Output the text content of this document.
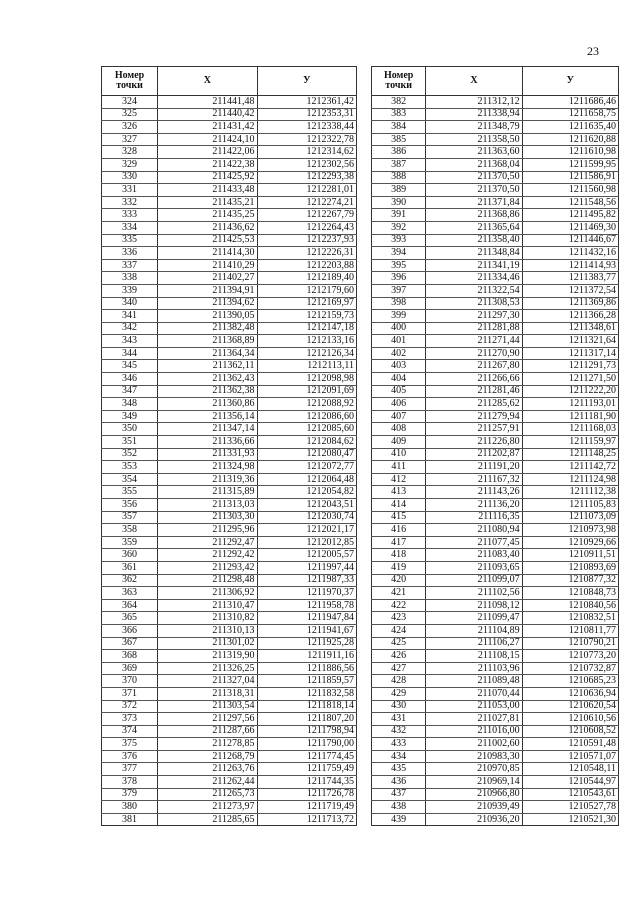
23
Номер точки	X	У
324	211441,48	1212361,42
325	211440,42	1212353,31
326	211431,42	1212338,44
327	211424,10	1212322,78
328	211422,06	1212314,62
329	211422,38	1212302,56
330	211425,92	1212293,38
331	211433,48	1212281,01
332	211435,21	1212274,21
333	211435,25	1212267,79
334	211436,62	1212264,43
335	211425,53	1212237,93
336	211414,30	1212226,31
337	211410,29	1212203,88
338	211402,27	1212189,40
339	211394,91	1212179,60
340	211394,62	1212169,97
341	211390,05	1212159,73
342	211382,48	1212147,18
343	211368,89	1212133,16
344	211364,34	1212126,34
345	211362,11	1212113,11
346	211362,43	1212098,98
347	211362,38	1212091,69
348	211360,86	1212088,92
349	211356,14	1212086,60
350	211347,14	1212085,60
351	211336,66	1212084,62
352	211331,93	1212080,47
353	211324,98	1212072,77
354	211319,36	1212064,48
355	211315,89	1212054,82
356	211313,03	1212043,51
357	211303,30	1212030,74
358	211295,96	1212021,17
359	211292,47	1212012,85
360	211292,42	1212005,57
361	211293,42	1211997,44
362	211298,48	1211987,33
363	211306,92	1211970,37
364	211310,47	1211958,78
365	211310,82	1211947,84
366	211310,13	1211941,67
367	211301,02	1211925,28
368	211319,90	1211911,16
369	211326,25	1211886,56
370	211327,04	1211859,57
371	211318,31	1211832,58
372	211303,54	1211818,14
373	211297,56	1211807,20
374	211287,66	1211798,94
375	211278,85	1211790,00
376	211268,79	1211774,45
377	211263,76	1211759,49
378	211262,44	1211744,35
379	211265,73	1211726,78
380	211273,97	1211719,49
381	211285,65	1211713,72
Номер точки	X	У
382	211312,12	1211686,46
383	211338,94	1211658,75
384	211348,79	1211635,40
385	211358,50	1211620,88
386	211363,60	1211610,98
387	211368,04	1211599,95
388	211370,50	1211586,91
389	211370,50	1211560,98
390	211371,84	1211548,56
391	211368,86	1211495,82
392	211365,64	1211469,30
393	211358,40	1211446,67
394	211348,84	1211432,16
395	211341,19	1211414,93
396	211334,46	1211383,77
397	211322,54	1211372,54
398	211308,53	1211369,86
399	211297,30	1211366,28
400	211281,88	1211348,61
401	211271,44	1211321,64
402	211270,90	1211317,14
403	211267,80	1211291,73
404	211266,66	1211271,50
405	211281,46	1211222,20
406	211285,62	1211193,01
407	211279,94	1211181,90
408	211257,91	1211168,03
409	211226,80	1211159,97
410	211202,87	1211148,25
411	211191,20	1211142,72
412	211167,32	1211124,98
413	211143,26	1211112,38
414	211136,20	1211105,83
415	211116,35	1211073,09
416	211080,94	1210973,98
417	211077,45	1210929,66
418	211083,40	1210911,51
419	211093,65	1210893,69
420	211099,07	1210877,32
421	211102,56	1210848,73
422	211098,12	1210840,56
423	211099,47	1210832,51
424	211104,89	1210811,77
425	211106,27	1210790,21
426	211108,15	1210773,20
427	211103,96	1210732,87
428	211089,48	1210685,23
429	211070,44	1210636,94
430	211053,00	1210620,54
431	211027,81	1210610,56
432	211016,00	1210608,52
433	211002,60	1210591,48
434	210983,30	1210571,07
435	210970,85	1210548,11
436	210969,14	1210544,97
437	210966,80	1210543,61
438	210939,49	1210527,78
439	210936,20	1210521,30
